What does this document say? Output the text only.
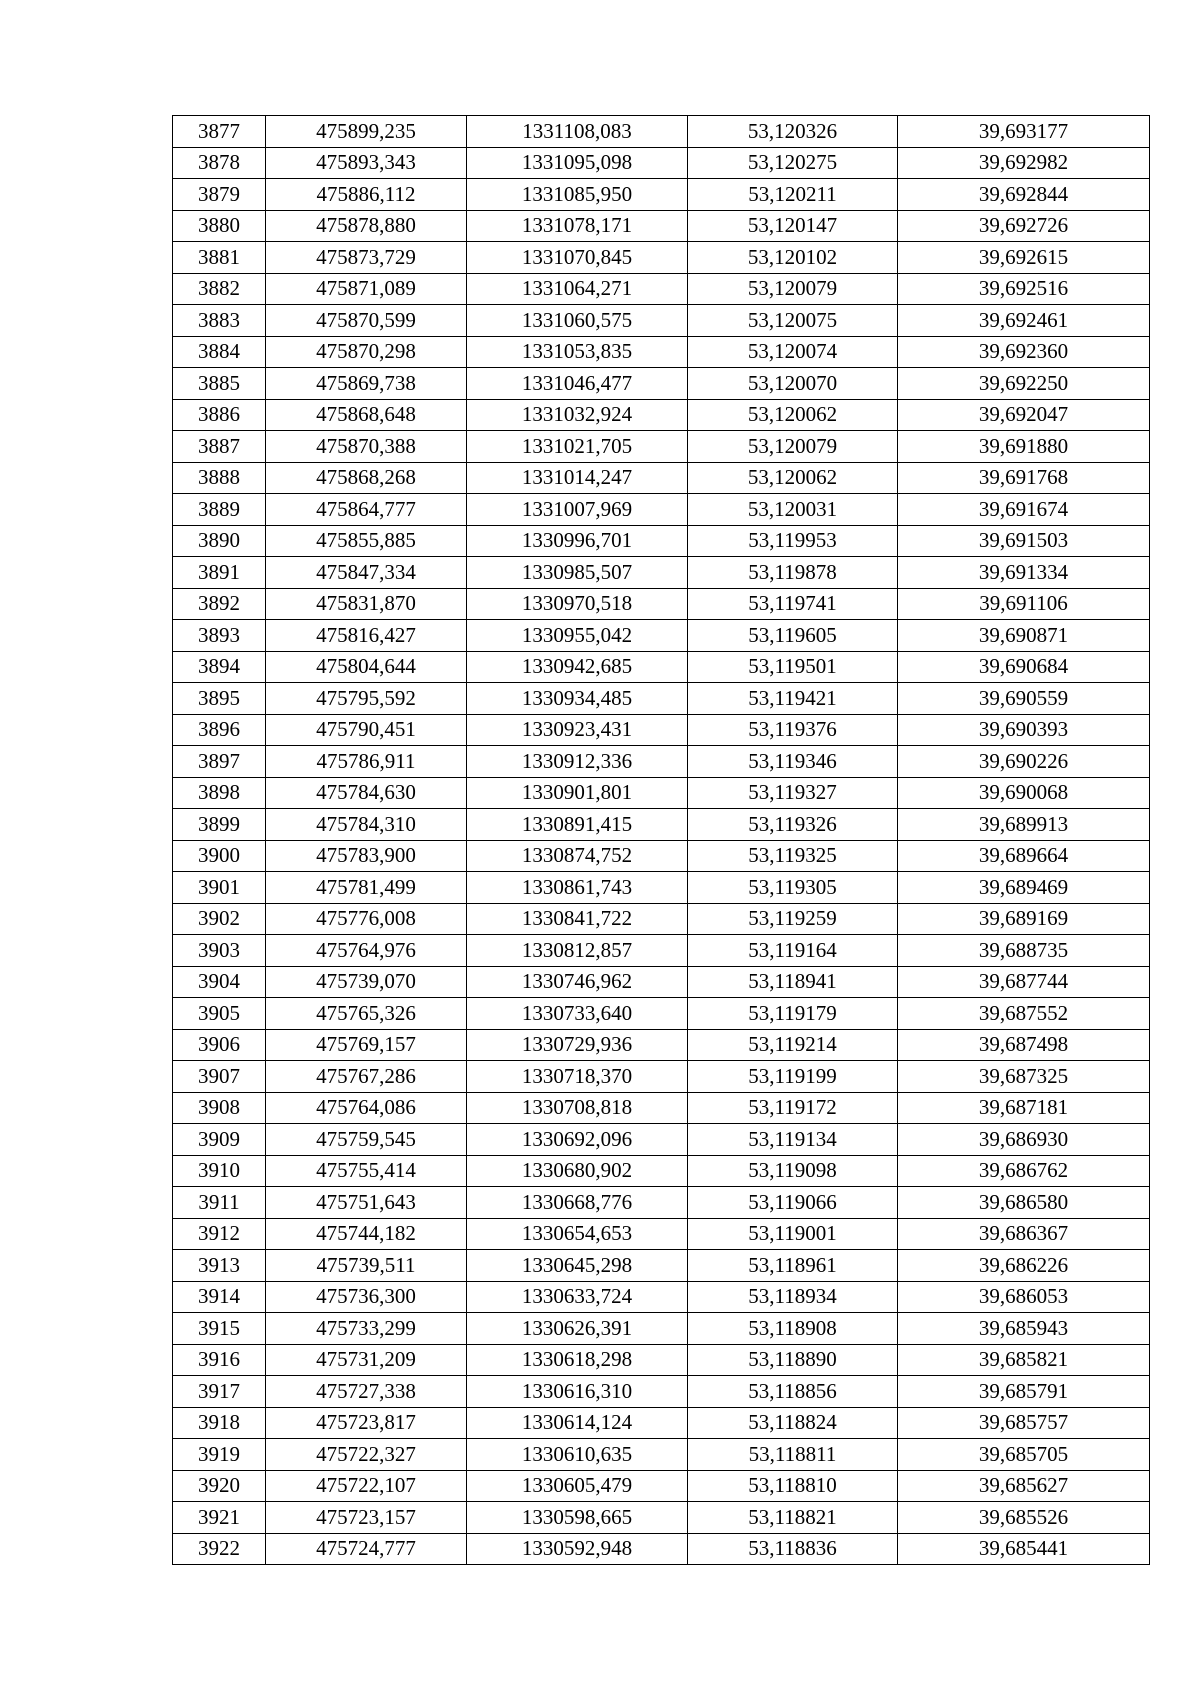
3877	475899,235	1331108,083	53,120326	39,693177
3878	475893,343	1331095,098	53,120275	39,692982
3879	475886,112	1331085,950	53,120211	39,692844
3880	475878,880	1331078,171	53,120147	39,692726
3881	475873,729	1331070,845	53,120102	39,692615
3882	475871,089	1331064,271	53,120079	39,692516
3883	475870,599	1331060,575	53,120075	39,692461
3884	475870,298	1331053,835	53,120074	39,692360
3885	475869,738	1331046,477	53,120070	39,692250
3886	475868,648	1331032,924	53,120062	39,692047
3887	475870,388	1331021,705	53,120079	39,691880
3888	475868,268	1331014,247	53,120062	39,691768
3889	475864,777	1331007,969	53,120031	39,691674
3890	475855,885	1330996,701	53,119953	39,691503
3891	475847,334	1330985,507	53,119878	39,691334
3892	475831,870	1330970,518	53,119741	39,691106
3893	475816,427	1330955,042	53,119605	39,690871
3894	475804,644	1330942,685	53,119501	39,690684
3895	475795,592	1330934,485	53,119421	39,690559
3896	475790,451	1330923,431	53,119376	39,690393
3897	475786,911	1330912,336	53,119346	39,690226
3898	475784,630	1330901,801	53,119327	39,690068
3899	475784,310	1330891,415	53,119326	39,689913
3900	475783,900	1330874,752	53,119325	39,689664
3901	475781,499	1330861,743	53,119305	39,689469
3902	475776,008	1330841,722	53,119259	39,689169
3903	475764,976	1330812,857	53,119164	39,688735
3904	475739,070	1330746,962	53,118941	39,687744
3905	475765,326	1330733,640	53,119179	39,687552
3906	475769,157	1330729,936	53,119214	39,687498
3907	475767,286	1330718,370	53,119199	39,687325
3908	475764,086	1330708,818	53,119172	39,687181
3909	475759,545	1330692,096	53,119134	39,686930
3910	475755,414	1330680,902	53,119098	39,686762
3911	475751,643	1330668,776	53,119066	39,686580
3912	475744,182	1330654,653	53,119001	39,686367
3913	475739,511	1330645,298	53,118961	39,686226
3914	475736,300	1330633,724	53,118934	39,686053
3915	475733,299	1330626,391	53,118908	39,685943
3916	475731,209	1330618,298	53,118890	39,685821
3917	475727,338	1330616,310	53,118856	39,685791
3918	475723,817	1330614,124	53,118824	39,685757
3919	475722,327	1330610,635	53,118811	39,685705
3920	475722,107	1330605,479	53,118810	39,685627
3921	475723,157	1330598,665	53,118821	39,685526
3922	475724,777	1330592,948	53,118836	39,685441
